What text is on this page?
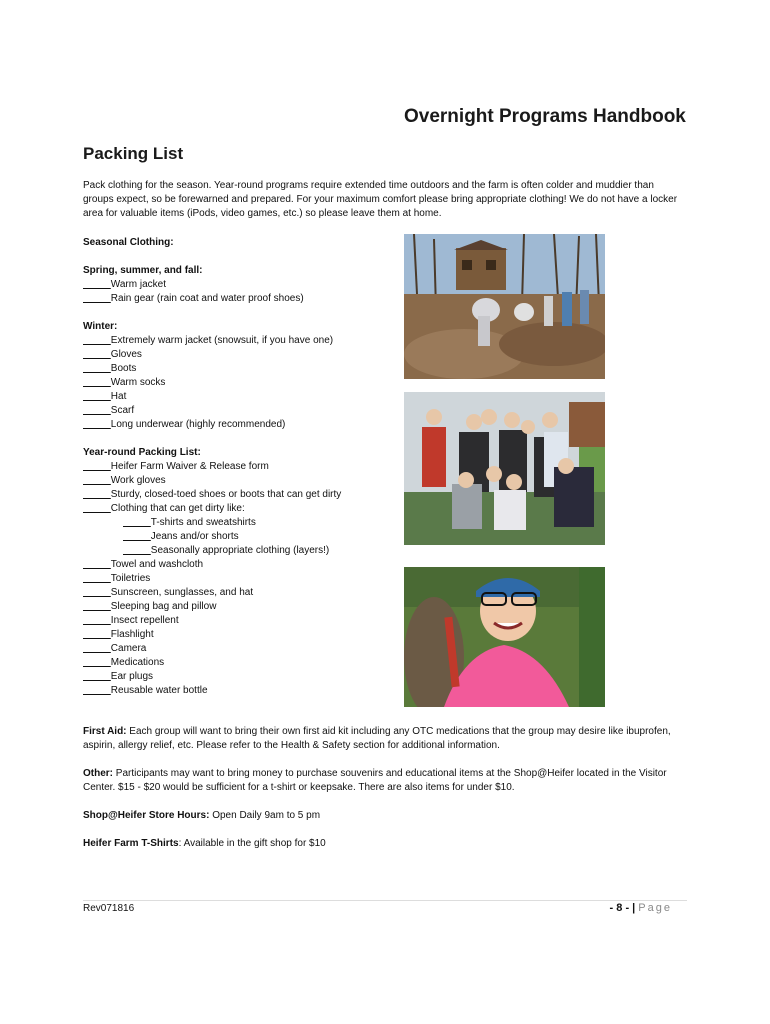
Overnight Programs Handbook
Packing List
Pack clothing for the season. Year-round programs require extended time outdoors and the farm is often colder and muddier than groups expect, so be forewarned and prepared. For your maximum comfort please bring appropriate clothing! We do not have a locker area for valuable items (iPods, video games, etc.) so please leave them at home.
Seasonal Clothing:
Spring, summer, and fall:
Warm jacket
Rain gear (rain coat and water proof shoes)
Winter:
Extremely warm jacket (snowsuit, if you have one)
Gloves
Boots
Warm socks
Hat
Scarf
Long underwear (highly recommended)
Year-round Packing List:
Heifer Farm Waiver & Release form
Work gloves
Sturdy, closed-toed shoes or boots that can get dirty
Clothing that can get dirty like:
T-shirts and sweatshirts
Jeans and/or shorts
Seasonally appropriate clothing (layers!)
Towel and washcloth
Toiletries
Sunscreen, sunglasses, and hat
Sleeping bag and pillow
Insect repellent
Flashlight
Camera
Medications
Ear plugs
Reusable water bottle
First Aid: Each group will want to bring their own first aid kit including any OTC medications that the group may desire like ibuprofen, aspirin, allergy relief, etc. Please refer to the Health & Safety section for additional information.
Other: Participants may want to bring money to purchase souvenirs and educational items at the Shop@Heifer located in the Visitor Center. $15 - $20 would be sufficient for a t-shirt or keepsake. There are also items for under $10.
Shop@Heifer Store Hours: Open Daily 9am to 5 pm
Heifer Farm T-Shirts: Available in the gift shop for $10
Rev071816	- 8 - | Page
